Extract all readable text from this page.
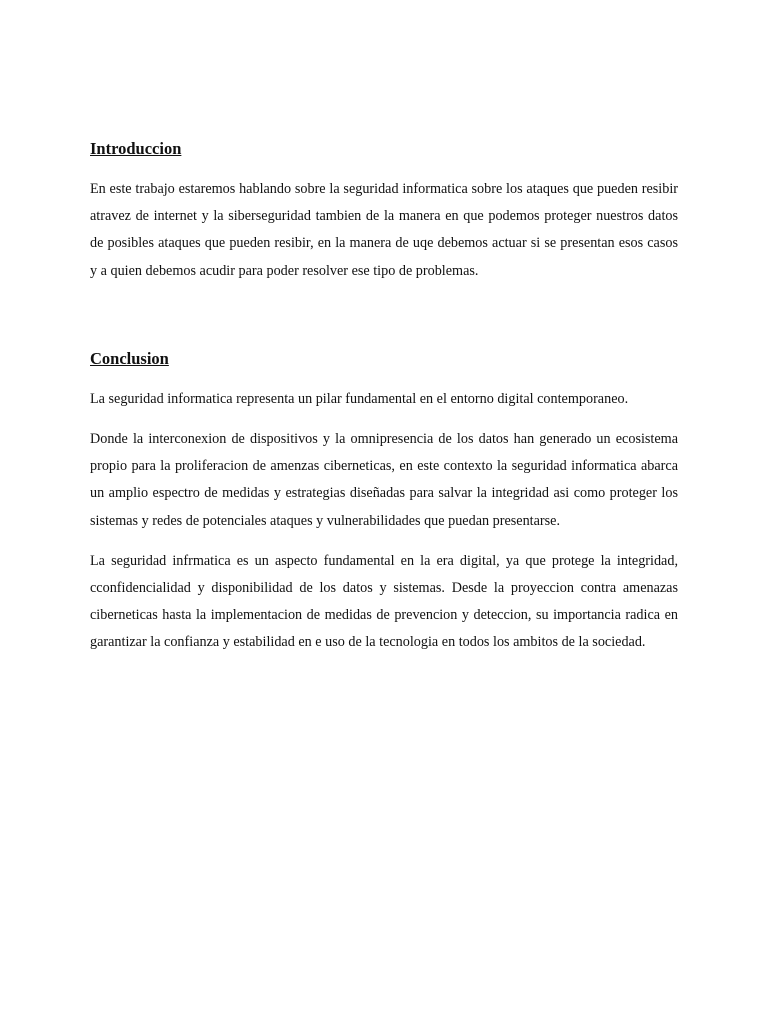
Introduccion

En este trabajo estaremos hablando sobre la seguridad informatica sobre los ataques que pueden resibir atravez de internet y la siberseguridad tambien de la manera en que podemos proteger nuestros datos de posibles ataques que pueden resibir, en la manera de uqe debemos actuar si se presentan esos casos y a quien debemos acudir para poder resolver ese tipo de problemas.

Conclusion

La seguridad informatica representa un pilar fundamental en el entorno digital contemporaneo.

Donde la interconexion de dispositivos y la omnipresencia de los datos han generado un ecosistema propio para la proliferacion de amenzas ciberneticas, en este contexto la seguridad informatica abarca un amplio espectro de medidas y estrategias diseñadas para salvar la integridad asi como proteger los sistemas y redes de potenciales ataques y vulnerabilidades que puedan presentarse.

La seguridad infrmatica es un aspecto fundamental en la era digital, ya que protege la integridad, cconfidencialidad y disponibilidad de los datos y sistemas. Desde la proyeccion contra amenazas ciberneticas hasta la implementacion de medidas de prevencion y deteccion, su importancia radica en garantizar la confianza y estabilidad en e uso de la tecnologia en todos los ambitos de la sociedad.
